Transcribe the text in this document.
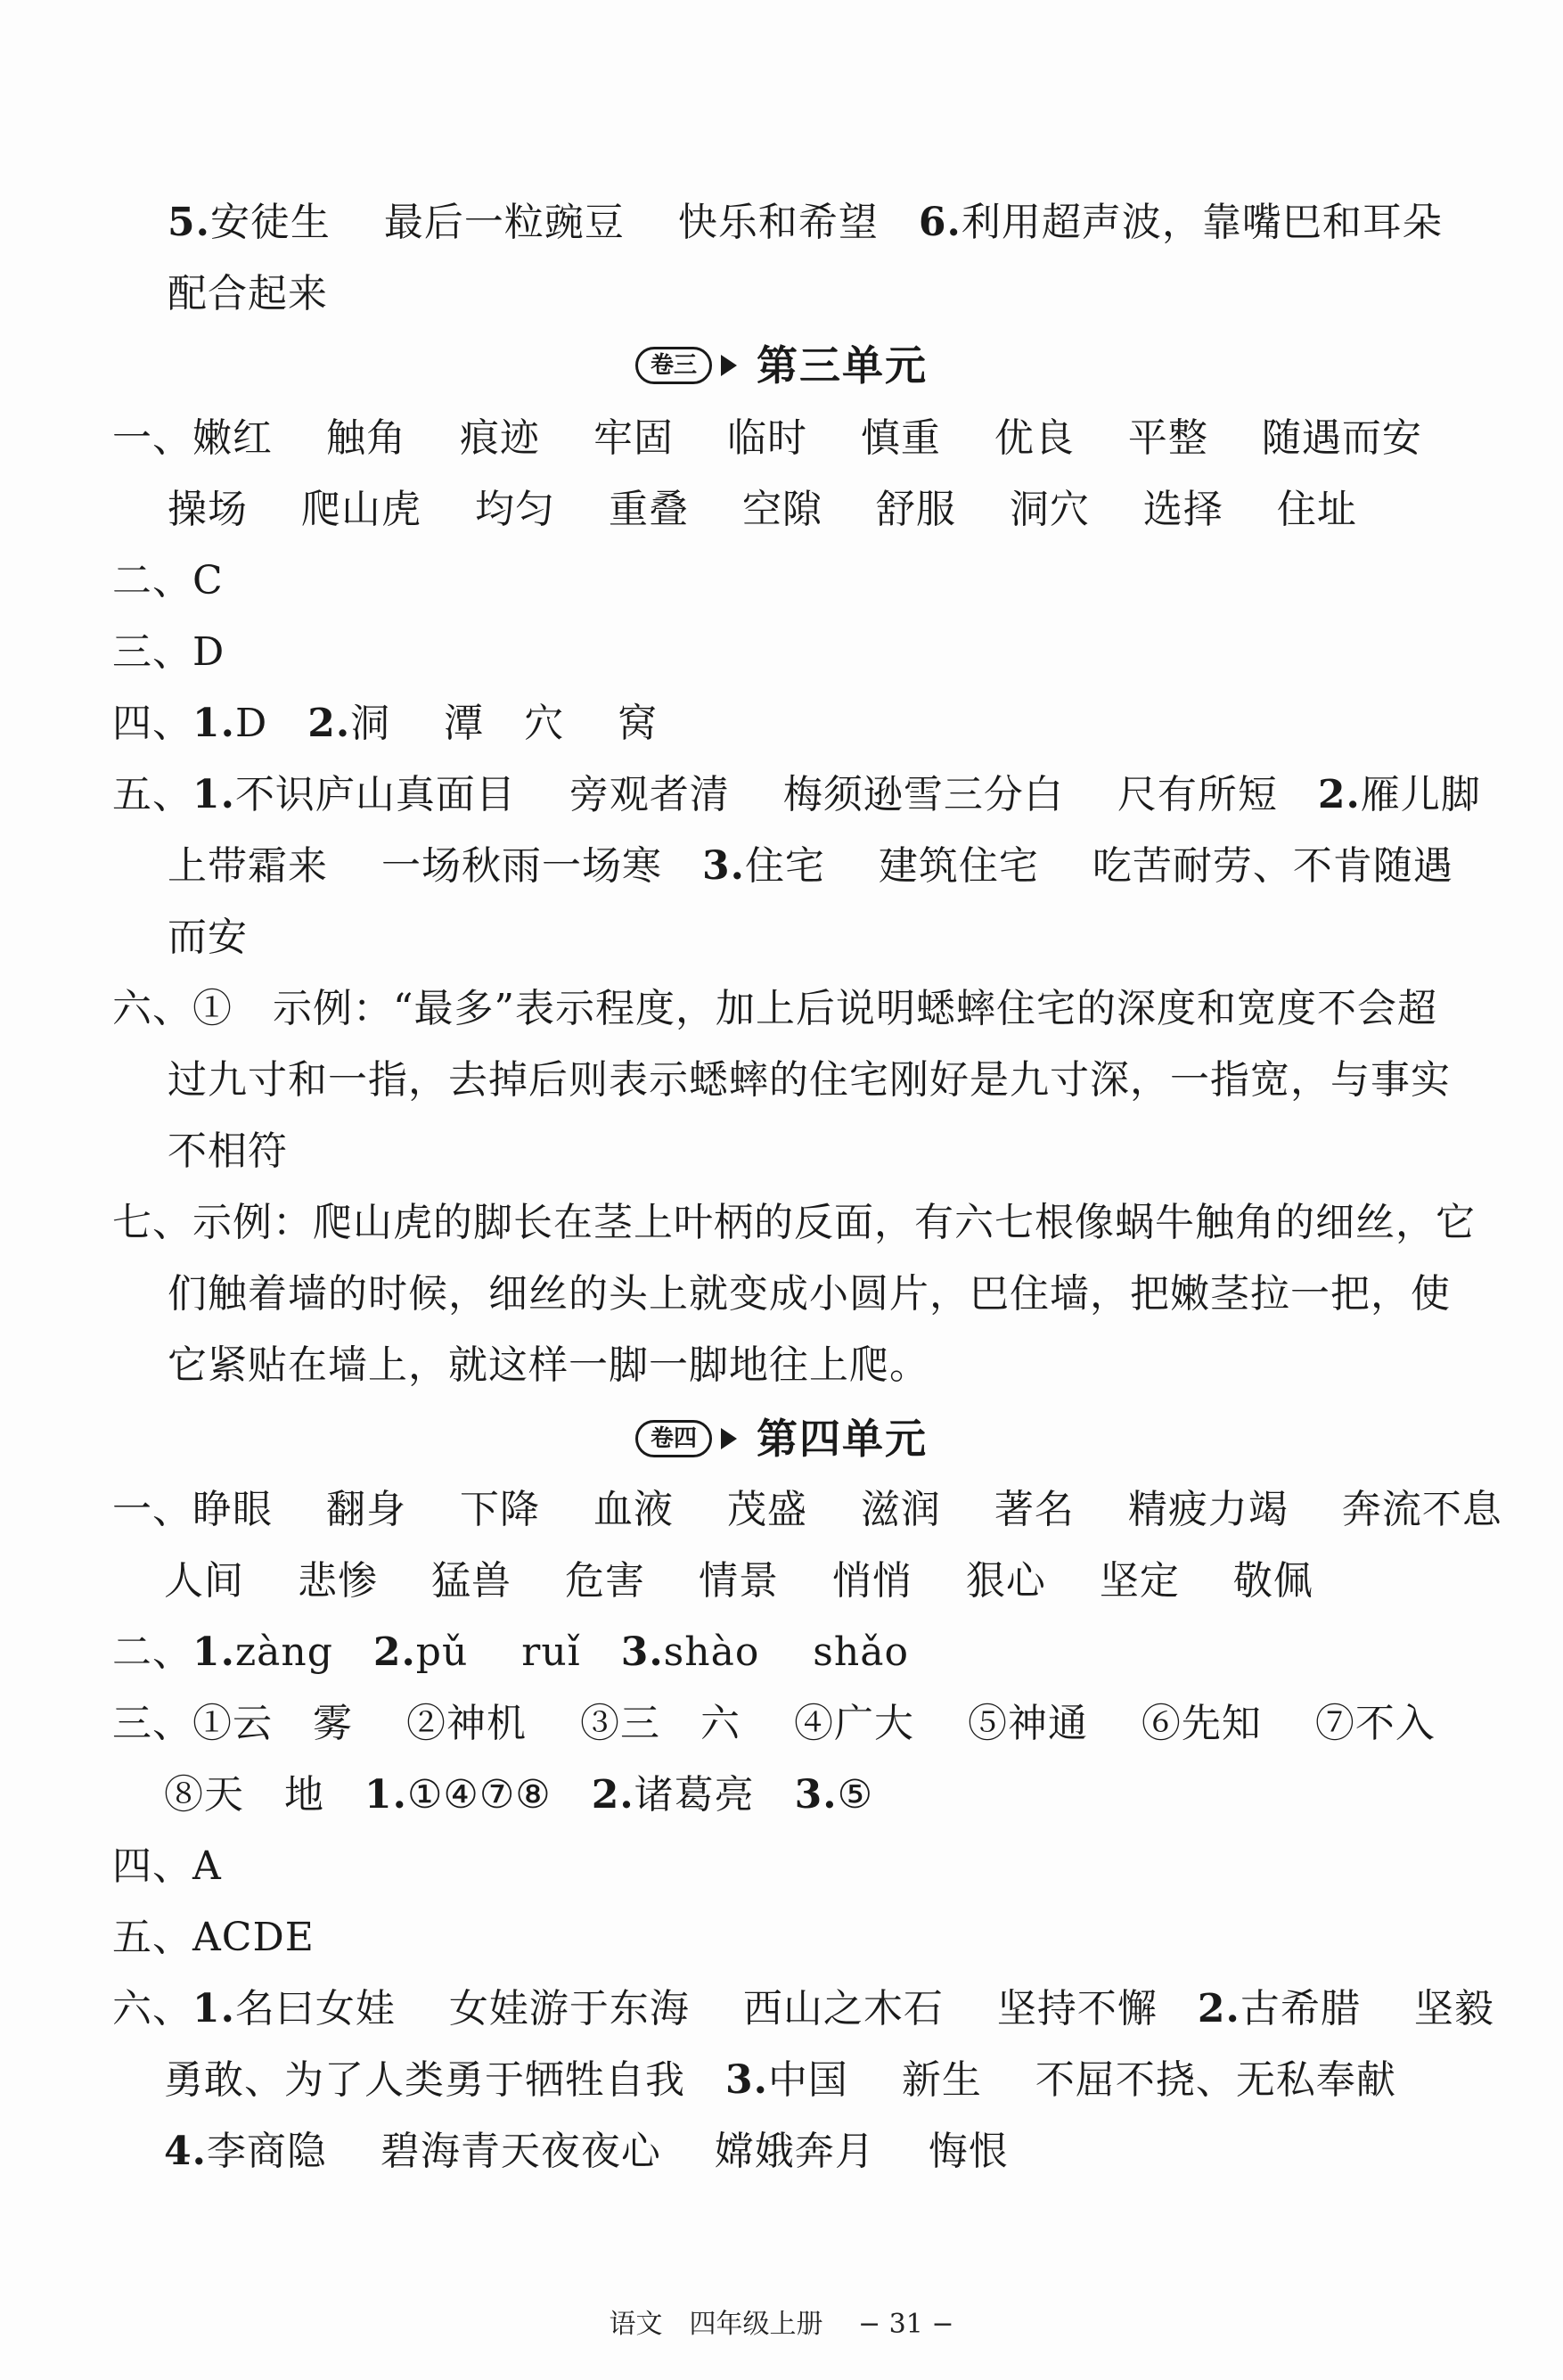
5.安徒生　 最后一粒豌豆　 快乐和希望　6.利用超声波，靠嘴巴和耳朵
配合起来
卷三	第三单元
一、嫩红　 触角　 痕迹　 牢固　 临时　 慎重　 优良　 平整　 随遇而安
操场　 爬山虎　 均匀　 重叠　 空隙　 舒服　 洞穴　 选择　 住址
二、C
三、D
四、1.D　2.洞　 潭　穴　 窝
五、1.不识庐山真面目　 旁观者清　 梅须逊雪三分白　 尺有所短　2.雁儿脚
上带霜来　 一场秋雨一场寒　3.住宅　 建筑住宅　 吃苦耐劳、不肯随遇
而安
六、①　示例：“最多”表示程度，加上后说明蟋蟀住宅的深度和宽度不会超
过九寸和一指，去掉后则表示蟋蟀的住宅刚好是九寸深，一指宽，与事实
不相符
七、示例：爬山虎的脚长在茎上叶柄的反面，有六七根像蜗牛触角的细丝，它
们触着墙的时候，细丝的头上就变成小圆片，巴住墙，把嫩茎拉一把，使
它紧贴在墙上，就这样一脚一脚地往上爬。
卷四	第四单元
一、睁眼　 翻身　 下降　 血液　 茂盛　 滋润　 著名　 精疲力竭　 奔流不息
人间　 悲惨　 猛兽　 危害　 情景　 悄悄　 狠心　 坚定　 敬佩
二、1.zàng　2.pǔ　 ruǐ　3.shào　 shǎo
三、①云　雾　 ②神机　 ③三　六　 ④广大　 ⑤神通　 ⑥先知　 ⑦不入
⑧天　地　1.①④⑦⑧　2.诸葛亮　3.⑤
四、A
五、ACDE
六、1.名曰女娃　 女娃游于东海　 西山之木石　 坚持不懈　2.古希腊　 坚毅
勇敢、为了人类勇于牺牲自我　3.中国　 新生　 不屈不挠、无私奉献
4.李商隐　 碧海青天夜夜心　 嫦娥奔月　 悔恨
语文　四年级上册　 − 31 −
